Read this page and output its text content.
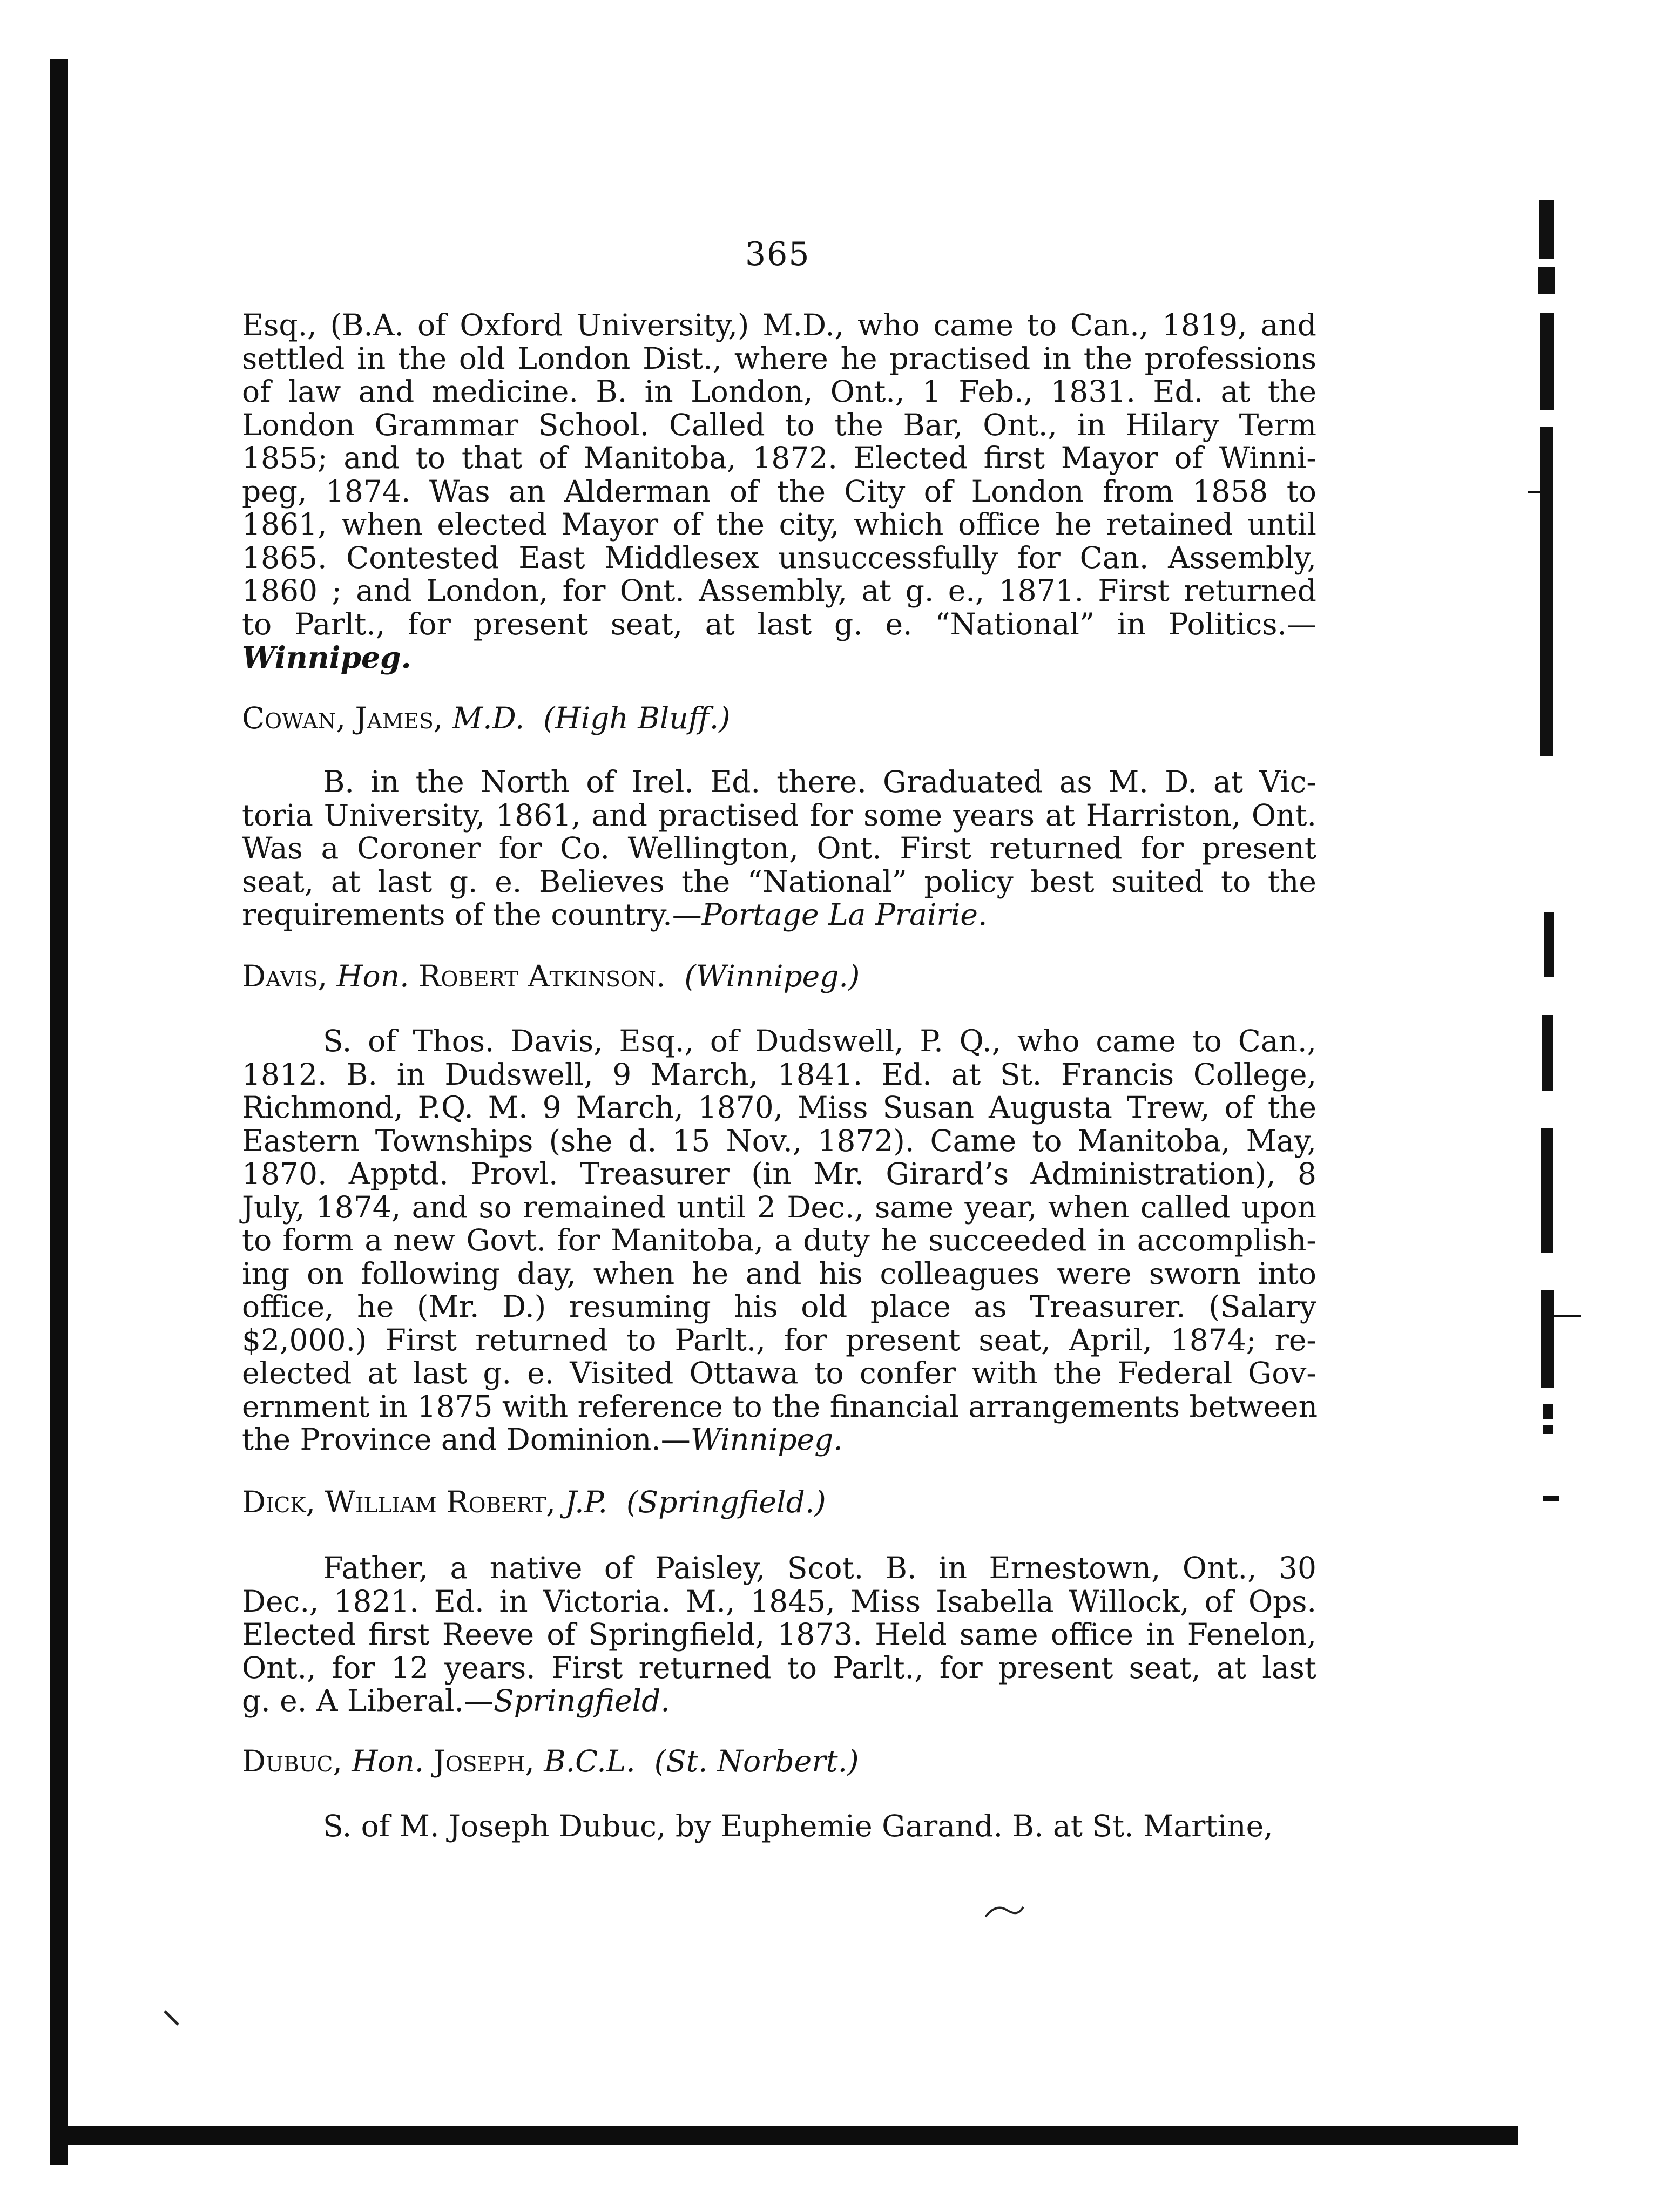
365
Esq., (B.A. of Oxford University,) M.D., who came to Can., 1819, and
settled in the old London Dist., where he practised in the professions
of law and medicine. B. in London, Ont., 1 Feb., 1831. Ed. at the
London Grammar School. Called to the Bar, Ont., in Hilary Term
1855; and to that of Manitoba, 1872. Elected first Mayor of Winni-
peg, 1874. Was an Alderman of the City of London from 1858 to
1861, when elected Mayor of the city, which office he retained until
1865. Contested East Middlesex unsuccessfully for Can. Assembly,
1860 ; and London, for Ont. Assembly, at g. e., 1871. First returned
to Parlt., for present seat, at last g. e. “National” in Politics.—
Winnipeg.
Cowan, James, M.D. (High Bluff.)
B. in the North of Irel. Ed. there. Graduated as M. D. at Vic-
toria University, 1861, and practised for some years at Harriston, Ont.
Was a Coroner for Co. Wellington, Ont. First returned for present
seat, at last g. e. Believes the “National” policy best suited to the
requirements of the country.—Portage La Prairie.
Davis, Hon. Robert Atkinson. (Winnipeg.)
S. of Thos. Davis, Esq., of Dudswell, P. Q., who came to Can.,
1812. B. in Dudswell, 9 March, 1841. Ed. at St. Francis College,
Richmond, P.Q. M. 9 March, 1870, Miss Susan Augusta Trew, of the
Eastern Townships (she d. 15 Nov., 1872). Came to Manitoba, May,
1870. Apptd. Provl. Treasurer (in Mr. Girard’s Administration), 8
July, 1874, and so remained until 2 Dec., same year, when called upon
to form a new Govt. for Manitoba, a duty he succeeded in accomplish-
ing on following day, when he and his colleagues were sworn into
office, he (Mr. D.) resuming his old place as Treasurer. (Salary
$2,000.) First returned to Parlt., for present seat, April, 1874; re-
elected at last g. e. Visited Ottawa to confer with the Federal Gov-
ernment in 1875 with reference to the financial arrangements between
the Province and Dominion.—Winnipeg.
Dick, William Robert, J.P. (Springfield.)
Father, a native of Paisley, Scot. B. in Ernestown, Ont., 30
Dec., 1821. Ed. in Victoria. M., 1845, Miss Isabella Willock, of Ops.
Elected first Reeve of Springfield, 1873. Held same office in Fenelon,
Ont., for 12 years. First returned to Parlt., for present seat, at last
g. e. A Liberal.—Springfield.
Dubuc, Hon. Joseph, B.C.L. (St. Norbert.)
S. of M. Joseph Dubuc, by Euphemie Garand. B. at St. Martine,
